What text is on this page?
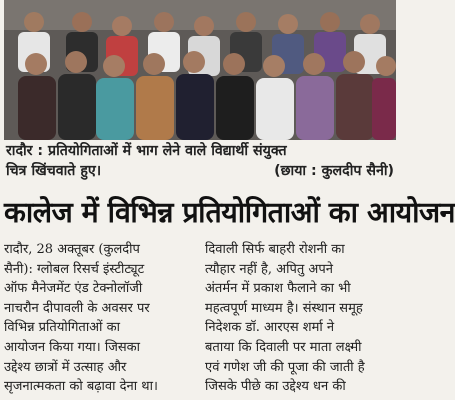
रादौर : प्रतियोगिताओं में भाग लेने वाले विद्यार्थी संयुक्त
चित्र खिंचवाते हुए।	(छाया : कुलदीप सैनी)
कालेज में विभिन्न प्रतियोगिताओं का आयोजन
रादौर, 28 अक्तूबर (कुलदीप
सैनी): ग्लोबल रिसर्च इंस्टीट्यूट
ऑफ मैनेजमेंट एंड टेक्नोलॉजी
नाचरौन दीपावली के अवसर पर
विभिन्न प्रतियोगिताओं का
आयोजन किया गया। जिसका
उद्देश्य छात्रों में उत्साह और
सृजनात्मकता को बढ़ावा देना था।
दिवाली सिर्फ बाहरी रोशनी का
त्यौहार नहीं है, अपितु अपने
अंतर्मन में प्रकाश फैलाने का भी
महत्वपूर्ण माध्यम है। संस्थान समूह
निदेशक डॉ. आरएस शर्मा ने
बताया कि दिवाली पर माता लक्ष्मी
एवं गणेश जी की पूजा की जाती है
जिसके पीछे का उद्देश्य धन की
